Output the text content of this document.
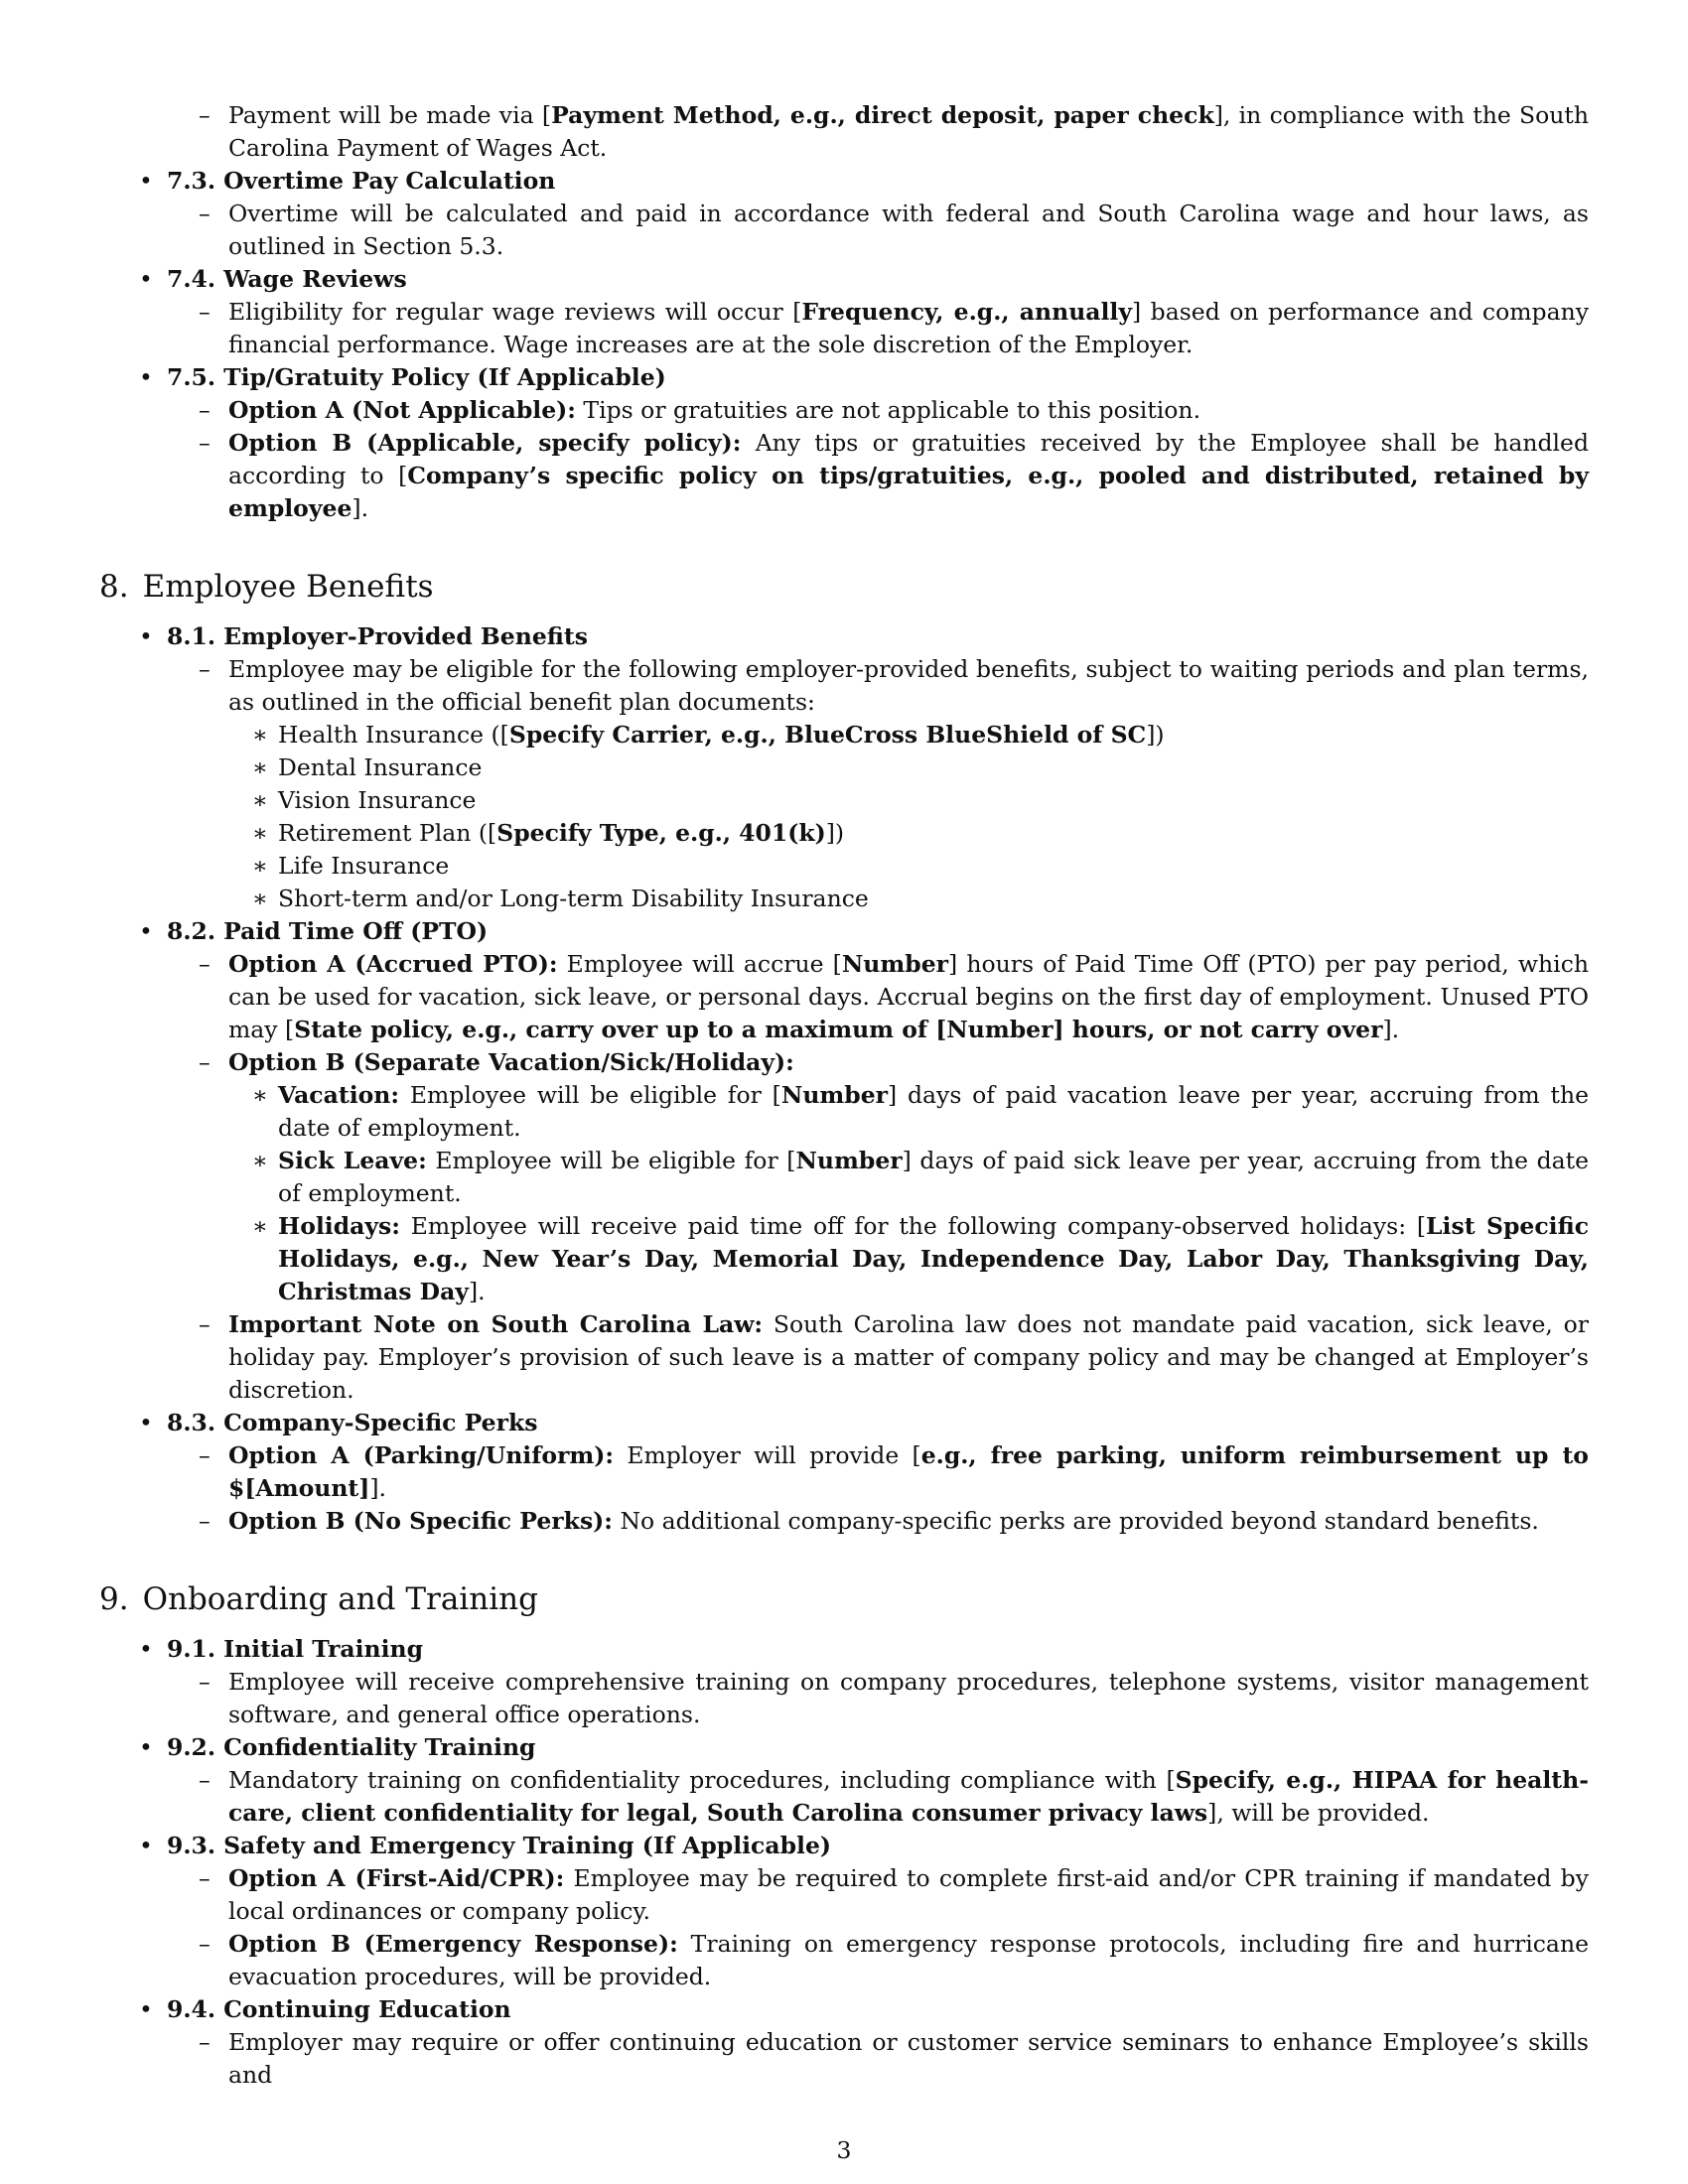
– Payment will be made via [Payment Method, e.g., direct deposit, paper check], in compliance with the South Carolina Payment of Wages Act.
• 7.3. Overtime Pay Calculation
– Overtime will be calculated and paid in accordance with federal and South Carolina wage and hour laws, as outlined in Section 5.3.
• 7.4. Wage Reviews
– Eligibility for regular wage reviews will occur [Frequency, e.g., annually] based on performance and company financial performance. Wage increases are at the sole discretion of the Employer.
• 7.5. Tip/Gratuity Policy (If Applicable)
– Option A (Not Applicable): Tips or gratuities are not applicable to this position.
– Option B (Applicable, specify policy): Any tips or gratuities received by the Employee shall be handled according to [Company’s specific policy on tips/gratuities, e.g., pooled and distributed, retained by employee].
8. Employee Benefits
• 8.1. Employer-Provided Benefits
– Employee may be eligible for the following employer-provided benefits, subject to waiting periods and plan terms, as outlined in the official benefit plan documents:
∗ Health Insurance ([Specify Carrier, e.g., BlueCross BlueShield of SC])
∗ Dental Insurance
∗ Vision Insurance
∗ Retirement Plan ([Specify Type, e.g., 401(k)])
∗ Life Insurance
∗ Short-term and/or Long-term Disability Insurance
• 8.2. Paid Time Off (PTO)
– Option A (Accrued PTO): Employee will accrue [Number] hours of Paid Time Off (PTO) per pay period, which can be used for vacation, sick leave, or personal days. Accrual begins on the first day of employment. Unused PTO may [State policy, e.g., carry over up to a maximum of [Number] hours, or not carry over].
– Option B (Separate Vacation/Sick/Holiday):
∗ Vacation: Employee will be eligible for [Number] days of paid vacation leave per year, accruing from the date of employment.
∗ Sick Leave: Employee will be eligible for [Number] days of paid sick leave per year, accruing from the date of employment.
∗ Holidays: Employee will receive paid time off for the following company-observed holidays: [List Specific Holidays, e.g., New Year’s Day, Memorial Day, Independence Day, Labor Day, Thanksgiving Day, Christmas Day].
– Important Note on South Carolina Law: South Carolina law does not mandate paid vacation, sick leave, or holiday pay. Employer’s provision of such leave is a matter of company policy and may be changed at Employer’s discretion.
• 8.3. Company-Specific Perks
– Option A (Parking/Uniform): Employer will provide [e.g., free parking, uniform reimbursement up to $[Amount]].
– Option B (No Specific Perks): No additional company-specific perks are provided beyond standard benefits.
9. Onboarding and Training
• 9.1. Initial Training
– Employee will receive comprehensive training on company procedures, telephone systems, visitor management software, and general office operations.
• 9.2. Confidentiality Training
– Mandatory training on confidentiality procedures, including compliance with [Specify, e.g., HIPAA for health-care, client confidentiality for legal, South Carolina consumer privacy laws], will be provided.
• 9.3. Safety and Emergency Training (If Applicable)
– Option A (First-Aid/CPR): Employee may be required to complete first-aid and/or CPR training if mandated by local ordinances or company policy.
– Option B (Emergency Response): Training on emergency response protocols, including fire and hurricane evacuation procedures, will be provided.
• 9.4. Continuing Education
– Employer may require or offer continuing education or customer service seminars to enhance Employee’s skills and
3
